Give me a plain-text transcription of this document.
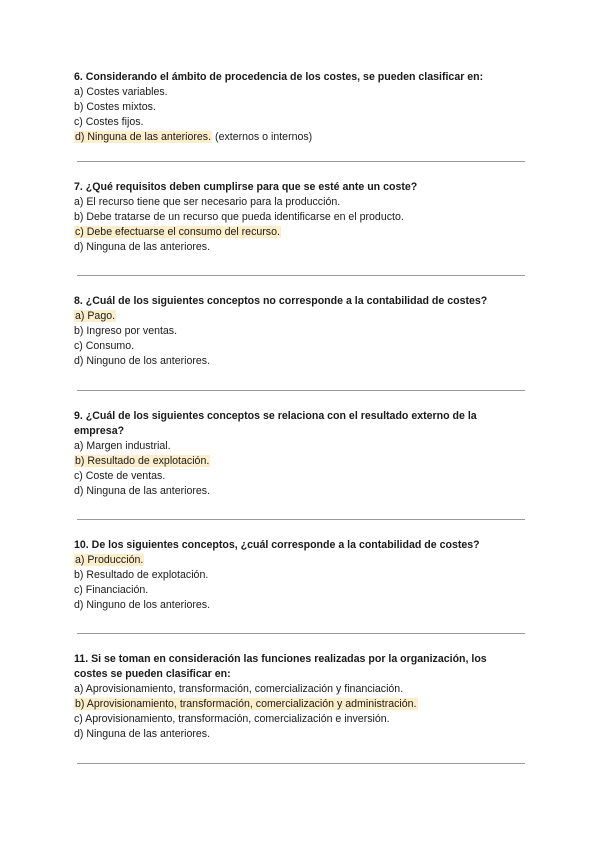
6. Considerando el ámbito de procedencia de los costes, se pueden clasificar en:

a) Costes variables.

b) Costes mixtos.

c) Costes fijos.

d) Ninguna de las anteriores. (externos o internos)

7. ¿Qué requisitos deben cumplirse para que se esté ante un coste?

a) El recurso tiene que ser necesario para la producción.

b) Debe tratarse de un recurso que pueda identificarse en el producto.

c) Debe efectuarse el consumo del recurso.

d) Ninguna de las anteriores.

8. ¿Cuál de los siguientes conceptos no corresponde a la contabilidad de costes?

a) Pago.

b) Ingreso por ventas.

c) Consumo.

d) Ninguno de los anteriores.

9. ¿Cuál de los siguientes conceptos se relaciona con el resultado externo de la empresa?

a) Margen industrial.

b) Resultado de explotación.

c) Coste de ventas.

d) Ninguna de las anteriores.

10. De los siguientes conceptos, ¿cuál corresponde a la contabilidad de costes?

a) Producción.

b) Resultado de explotación.

c) Financiación.

d) Ninguno de los anteriores.

11. Si se toman en consideración las funciones realizadas por la organización, los costes se pueden clasificar en:

a) Aprovisionamiento, transformación, comercialización y financiación.

b) Aprovisionamiento, transformación, comercialización y administración.

c) Aprovisionamiento, transformación, comercialización e inversión.

d) Ninguna de las anteriores.
